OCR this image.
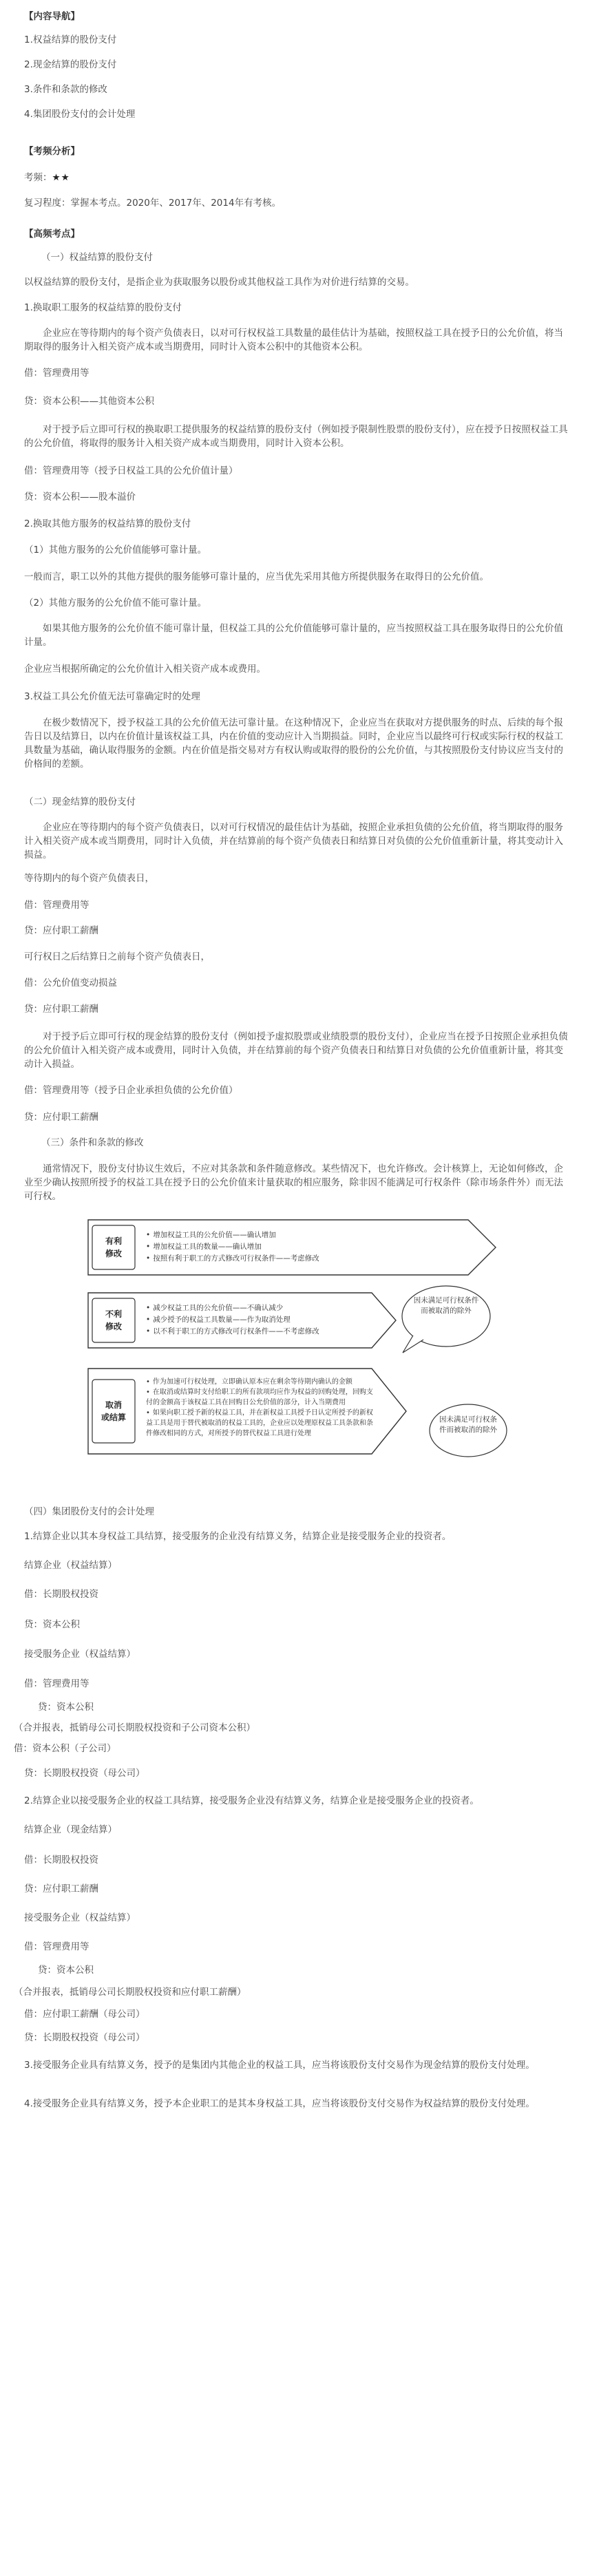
【内容导航】

1.权益结算的股份支付

2.现金结算的股份支付

3.条件和条款的修改

4.集团股份支付的会计处理

【考频分析】

考频：★★

复习程度：掌握本考点。2020年、2017年、2014年有考核。

【高频考点】

（一）权益结算的股份支付

以权益结算的股份支付，是指企业为获取服务以股份或其他权益工具作为对价进行结算的交易。

1.换取职工服务的权益结算的股份支付

企业应在等待期内的每个资产负债表日，以对可行权权益工具数量的最佳估计为基础，按照权益工具在授予日的公允价值，将当期取得的服务计入相关资产成本或当期费用，同时计入资本公积中的其他资本公积。

借：管理费用等

贷：资本公积——其他资本公积

对于授予后立即可行权的换取职工提供服务的权益结算的股份支付（例如授予限制性股票的股份支付），应在授予日按照权益工具的公允价值，将取得的服务计入相关资产成本或当期费用，同时计入资本公积。

借：管理费用等（授予日权益工具的公允价值计量）

贷：资本公积——股本溢价

2.换取其他方服务的权益结算的股份支付

（1）其他方服务的公允价值能够可靠计量。

一般而言，职工以外的其他方提供的服务能够可靠计量的，应当优先采用其他方所提供服务在取得日的公允价值。

（2）其他方服务的公允价值不能可靠计量。

如果其他方服务的公允价值不能可靠计量，但权益工具的公允价值能够可靠计量的，应当按照权益工具在服务取得日的公允价值计量。

企业应当根据所确定的公允价值计入相关资产成本或费用。

3.权益工具公允价值无法可靠确定时的处理

在极少数情况下，授予权益工具的公允价值无法可靠计量。在这种情况下，企业应当在获取对方提供服务的时点、后续的每个报告日以及结算日，以内在价值计量该权益工具，内在价值的变动应计入当期损益。同时，企业应当以最终可行权或实际行权的权益工具数量为基础，确认取得服务的金额。内在价值是指交易对方有权认购或取得的股份的公允价值，与其按照股份支付协议应当支付的价格间的差额。

（二）现金结算的股份支付

企业应在等待期内的每个资产负债表日，以对可行权情况的最佳估计为基础，按照企业承担负债的公允价值，将当期取得的服务计入相关资产成本或当期费用，同时计入负债，并在结算前的每个资产负债表日和结算日对负债的公允价值重新计量，将其变动计入损益。

等待期内的每个资产负债表日，

借：管理费用等

贷：应付职工薪酬

可行权日之后结算日之前每个资产负债表日，

借：公允价值变动损益

贷：应付职工薪酬

对于授予后立即可行权的现金结算的股份支付（例如授予虚拟股票或业绩股票的股份支付），企业应当在授予日按照企业承担负债的公允价值计入相关资产成本或费用，同时计入负债，并在结算前的每个资产负债表日和结算日对负债的公允价值重新计量，将其变动计入损益。

借：管理费用等（授予日企业承担负债的公允价值）

贷：应付职工薪酬

（三）条件和条款的修改

通常情况下，股份支付协议生效后，不应对其条款和条件随意修改。某些情况下，也允许修改。会计核算上，无论如何修改，企业至少确认按照所授予的权益工具在授予日的公允价值来计量获取的相应服务，除非因不能满足可行权条件（除市场条件外）而无法可行权。

有利
修改
• 增加权益工具的公允价值——确认增加
• 增加权益工具的数量——确认增加
• 按照有利于职工的方式修改可行权条件——考虑修改
不利
修改
• 减少权益工具的公允价值——不确认减少
• 减少授予的权益工具数量——作为取消处理
• 以不利于职工的方式修改可行权条件——不考虑修改
取消
或结算
• 作为加速可行权处理，立即确认原本应在剩余等待期内确认的金额
• 在取消或结算时支付给职工的所有款项均应作为权益的回购处理，回购支付的金额高于该权益工具在回购日公允价值的部分，计入当期费用
• 如果向职工授予新的权益工具，并在新权益工具授予日认定所授予的新权益工具是用于替代被取消的权益工具的，企业应以处理原权益工具条款和条件修改相同的方式，对所授予的替代权益工具进行处理
因未满足可行权条件而被取消的除外
因未满足可行权条件而被取消的除外

（四）集团股份支付的会计处理

1.结算企业以其本身权益工具结算，接受服务的企业没有结算义务，结算企业是接受服务企业的投资者。

结算企业（权益结算）

借：长期股权投资

贷：资本公积

接受服务企业（权益结算）

借：管理费用等

贷：资本公积

（合并报表，抵销母公司长期股权投资和子公司资本公积）

借：资本公积（子公司）

贷：长期股权投资（母公司）

2.结算企业以接受服务企业的权益工具结算，接受服务企业没有结算义务，结算企业是接受服务企业的投资者。

结算企业（现金结算）

借：长期股权投资

贷：应付职工薪酬

接受服务企业（权益结算）

借：管理费用等

贷：资本公积

（合并报表，抵销母公司长期股权投资和应付职工薪酬）

借：应付职工薪酬（母公司）

贷：长期股权投资（母公司）

3.接受服务企业具有结算义务，授予的是集团内其他企业的权益工具，应当将该股份支付交易作为现金结算的股份支付处理。

4.接受服务企业具有结算义务，授予本企业职工的是其本身权益工具，应当将该股份支付交易作为权益结算的股份支付处理。
